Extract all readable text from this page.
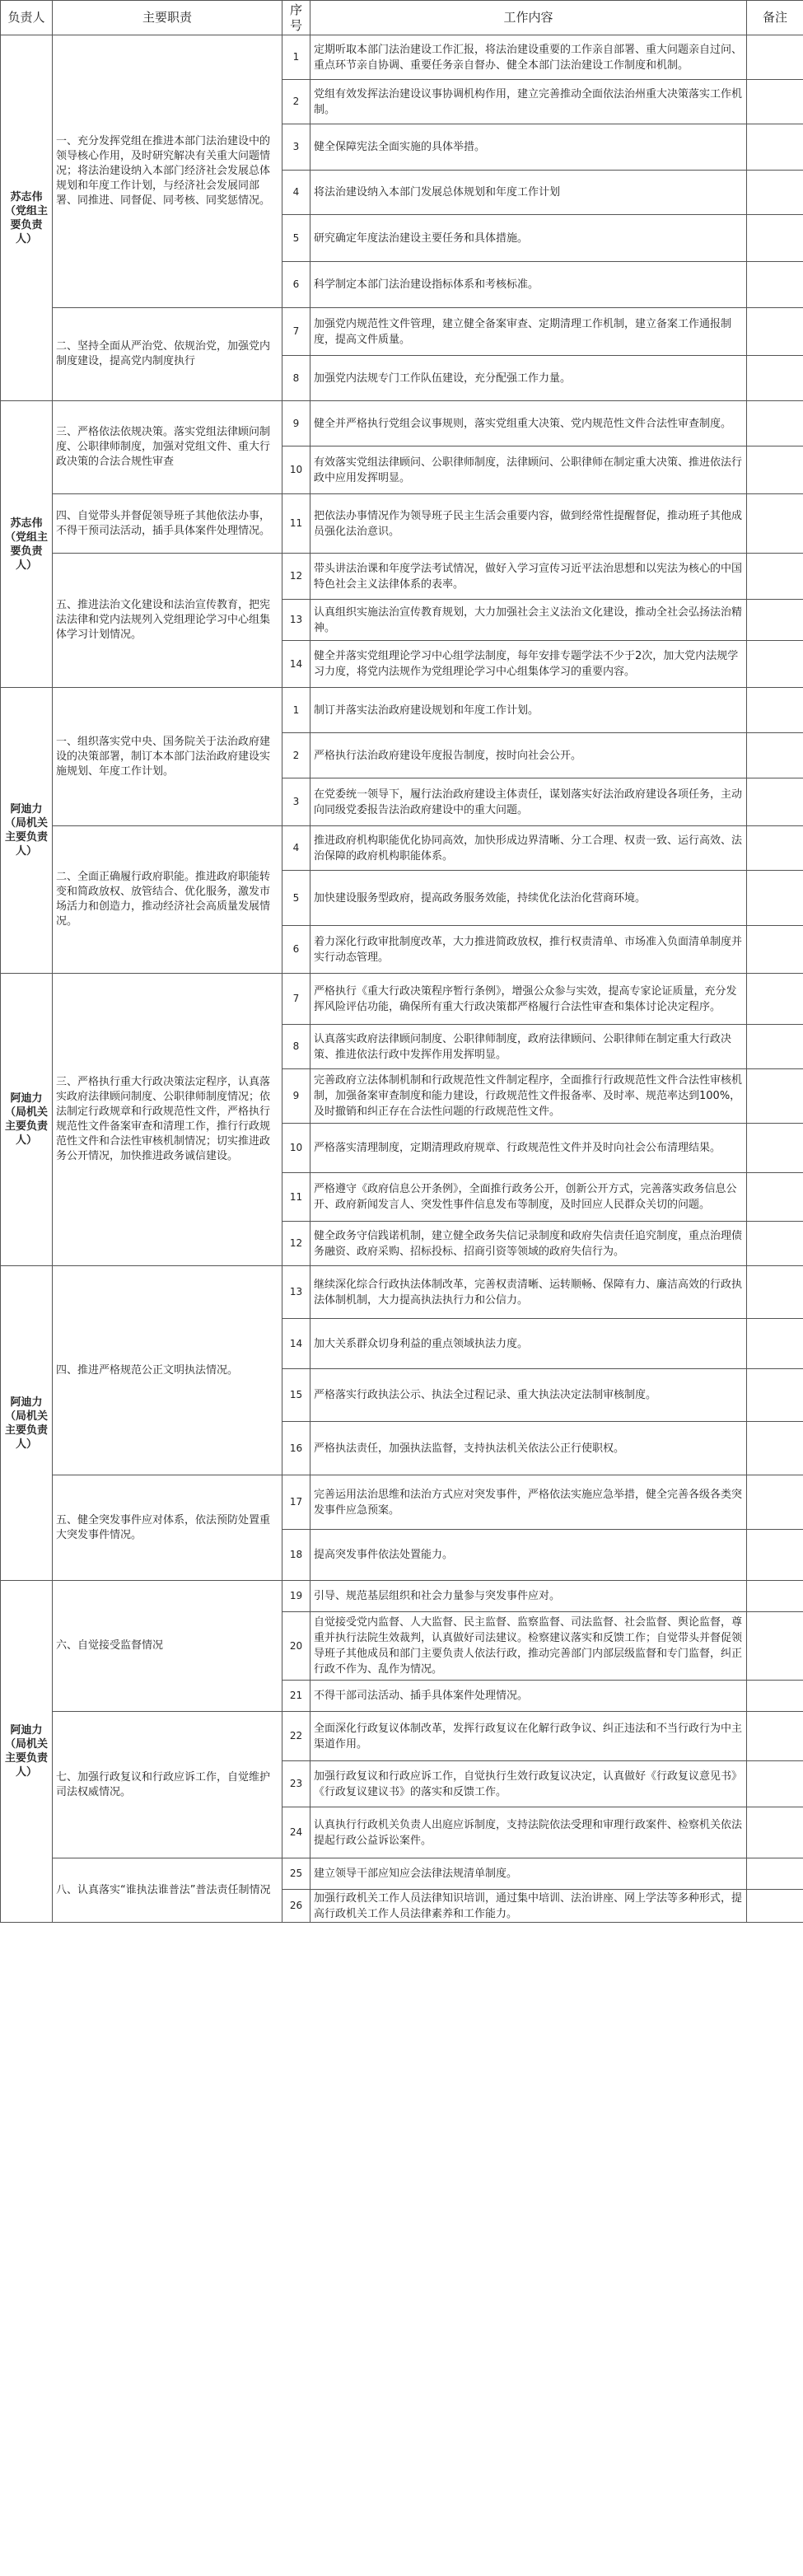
负责人	主要职责	序号	工作内容	备注
苏志伟（党组主要负责人）	一、充分发挥党组在推进本部门法治建设中的领导核心作用，及时研究解决有关重大问题情况；将法治建设纳入本部门经济社会发展总体规划和年度工作计划，与经济社会发展同部署、同推进、同督促、同考核、同奖惩情况。	1	定期听取本部门法治建设工作汇报，将法治建设重要的工作亲自部署、重大问题亲自过问、重点环节亲自协调、重要任务亲自督办、健全本部门法治建设工作制度和机制。	
		2	党组有效发挥法治建设议事协调机构作用，建立完善推动全面依法治州重大决策落实工作机制。	
		3	健全保障宪法全面实施的具体举措。	
		4	将法治建设纳入本部门发展总体规划和年度工作计划	
		5	研究确定年度法治建设主要任务和具体措施。	
		6	科学制定本部门法治建设指标体系和考核标准。	
	二、坚持全面从严治党、依规治党，加强党内制度建设，提高党内制度执行	7	加强党内规范性文件管理，建立健全备案审查、定期清理工作机制，建立备案工作通报制度，提高文件质量。	
		8	加强党内法规专门工作队伍建设，充分配强工作力量。	
苏志伟（党组主要负责人）	三、严格依法依规决策。落实党组法律顾问制度、公职律师制度，加强对党组文件、重大行政决策的合法合规性审查	9	健全并严格执行党组会议事规则，落实党组重大决策、党内规范性文件合法性审查制度。	
		10	有效落实党组法律顾问、公职律师制度，法律顾问、公职律师在制定重大决策、推进依法行政中应用发挥明显。	
	四、自觉带头并督促领导班子其他依法办事，不得干预司法活动，插手具体案件处理情况。	11	把依法办事情况作为领导班子民主生活会重要内容，做到经常性提醒督促，推动班子其他成员强化法治意识。	
	五、推进法治文化建设和法治宣传教育，把宪法法律和党内法规列入党组理论学习中心组集体学习计划情况。	12	带头讲法治课和年度学法考试情况，做好入学习宣传习近平法治思想和以宪法为核心的中国特色社会主义法律体系的表率。	
		13	认真组织实施法治宣传教育规划，大力加强社会主义法治文化建设，推动全社会弘扬法治精神。	
		14	健全并落实党组理论学习中心组学法制度，每年安排专题学法不少于2次，加大党内法规学习力度，将党内法规作为党组理论学习中心组集体学习的重要内容。	
阿迪力（局机关主要负责人）	一、组织落实党中央、国务院关于法治政府建设的决策部署，制订本本部门法治政府建设实施规划、年度工作计划。	1	制订并落实法治政府建设规划和年度工作计划。	
		2	严格执行法治政府建设年度报告制度，按时向社会公开。	
		3	在党委统一领导下，履行法治政府建设主体责任，谋划落实好法治政府建设各项任务，主动向同级党委报告法治政府建设中的重大问题。	
	二、全面正确履行政府职能。推进政府职能转变和简政放权、放管结合、优化服务，激发市场活力和创造力，推动经济社会高质量发展情况。	4	推进政府机构职能优化协同高效，加快形成边界清晰、分工合理、权责一致、运行高效、法治保障的政府机构职能体系。	
		5	加快建设服务型政府，提高政务服务效能，持续优化法治化营商环境。	
		6	着力深化行政审批制度改革，大力推进简政放权，推行权责清单、市场准入负面清单制度并实行动态管理。	
阿迪力（局机关主要负责人）	三、严格执行重大行政决策法定程序，认真落实政府法律顾问制度、公职律师制度情况；依法制定行政规章和行政规范性文件，严格执行规范性文件备案审查和清理工作，推行行政规范性文件和合法性审核机制情况；切实推进政务公开情况，加快推进政务诚信建设。	7	严格执行《重大行政决策程序暂行条例》，增强公众参与实效，提高专家论证质量，充分发挥风险评估功能，确保所有重大行政决策都严格履行合法性审查和集体讨论决定程序。	
		8	认真落实政府法律顾问制度、公职律师制度，政府法律顾问、公职律师在制定重大行政决策、推进依法行政中发挥作用发挥明显。	
		9	完善政府立法体制机制和行政规范性文件制定程序，全面推行行政规范性文件合法性审核机制，加强备案审查制度和能力建设，行政规范性文件报备率、及时率、规范率达到100%，及时撤销和纠正存在合法性问题的行政规范性文件。	
		10	严格落实清理制度，定期清理政府规章、行政规范性文件并及时向社会公布清理结果。	
		11	严格遵守《政府信息公开条例》，全面推行政务公开，创新公开方式，完善落实政务信息公开、政府新闻发言人、突发性事件信息发布等制度，及时回应人民群众关切的问题。	
		12	健全政务守信践诺机制，建立健全政务失信记录制度和政府失信责任追究制度，重点治理债务融资、政府采购、招标投标、招商引资等领域的政府失信行为。	
阿迪力（局机关主要负责人）	四、推进严格规范公正文明执法情况。	13	继续深化综合行政执法体制改革，完善权责清晰、运转顺畅、保障有力、廉洁高效的行政执法体制机制，大力提高执法执行力和公信力。	
		14	加大关系群众切身利益的重点领域执法力度。	
		15	严格落实行政执法公示、执法全过程记录、重大执法决定法制审核制度。	
		16	严格执法责任，加强执法监督，支持执法机关依法公正行使职权。	
	五、健全突发事件应对体系，依法预防处置重大突发事件情况。	17	完善运用法治思维和法治方式应对突发事件，严格依法实施应急举措，健全完善各级各类突发事件应急预案。	
		18	提高突发事件依法处置能力。	
阿迪力（局机关主要负责人）	六、自觉接受监督情况	19	引导、规范基层组织和社会力量参与突发事件应对。	
		20	自觉接受党内监督、人大监督、民主监督、监察监督、司法监督、社会监督、舆论监督，尊重并执行法院生效裁判，认真做好司法建议。检察建议落实和反馈工作；自觉带头并督促领导班子其他成员和部门主要负责人依法行政，推动完善部门内部层级监督和专门监督，纠正行政不作为、乱作为情况。	
		21	不得干部司法活动、插手具体案件处理情况。	
	七、加强行政复议和行政应诉工作，自觉维护司法权威情况。	22	全面深化行政复议体制改革，发挥行政复议在化解行政争议、纠正违法和不当行政行为中主渠道作用。	
		23	加强行政复议和行政应诉工作，自觉执行生效行政复议决定，认真做好《行政复议意见书》《行政复议建议书》的落实和反馈工作。	
		24	认真执行行政机关负责人出庭应诉制度，支持法院依法受理和审理行政案件、检察机关依法提起行政公益诉讼案件。	
	八、认真落实“谁执法谁普法”普法责任制情况	25	建立领导干部应知应会法律法规清单制度。	
		26	加强行政机关工作人员法律知识培训，通过集中培训、法治讲座、网上学法等多种形式，提高行政机关工作人员法律素养和工作能力。	
